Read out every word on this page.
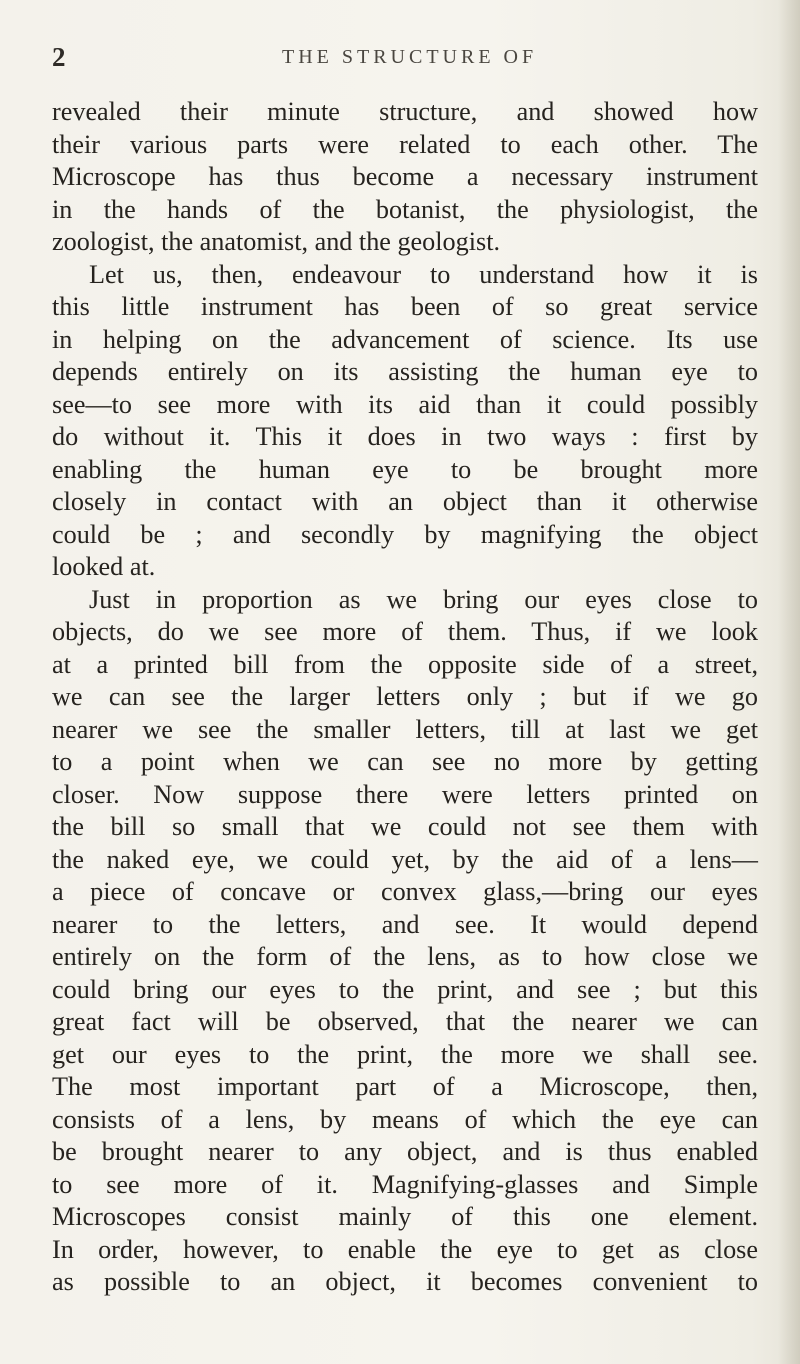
2	THE STRUCTURE OF
revealed their minute structure, and showed how
their various parts were related to each other. The
Microscope has thus become a necessary instrument
in the hands of the botanist, the physiologist, the
zoologist, the anatomist, and the geologist.
Let us, then, endeavour to understand how it is
this little instrument has been of so great service
in helping on the advancement of science. Its use
depends entirely on its assisting the human eye to
see—to see more with its aid than it could possibly
do without it. This it does in two ways : first by
enabling the human eye to be brought more
closely in contact with an object than it otherwise
could be ; and secondly by magnifying the object
looked at.
Just in proportion as we bring our eyes close to
objects, do we see more of them. Thus, if we look
at a printed bill from the opposite side of a street,
we can see the larger letters only ; but if we go
nearer we see the smaller letters, till at last we get
to a point when we can see no more by getting
closer. Now suppose there were letters printed on
the bill so small that we could not see them with
the naked eye, we could yet, by the aid of a lens—
a piece of concave or convex glass,—bring our eyes
nearer to the letters, and see. It would depend
entirely on the form of the lens, as to how close we
could bring our eyes to the print, and see ; but this
great fact will be observed, that the nearer we can
get our eyes to the print, the more we shall see.
The most important part of a Microscope, then,
consists of a lens, by means of which the eye can
be brought nearer to any object, and is thus enabled
to see more of it. Magnifying-glasses and Simple
Microscopes consist mainly of this one element.
In order, however, to enable the eye to get as close
as possible to an object, it becomes convenient to
